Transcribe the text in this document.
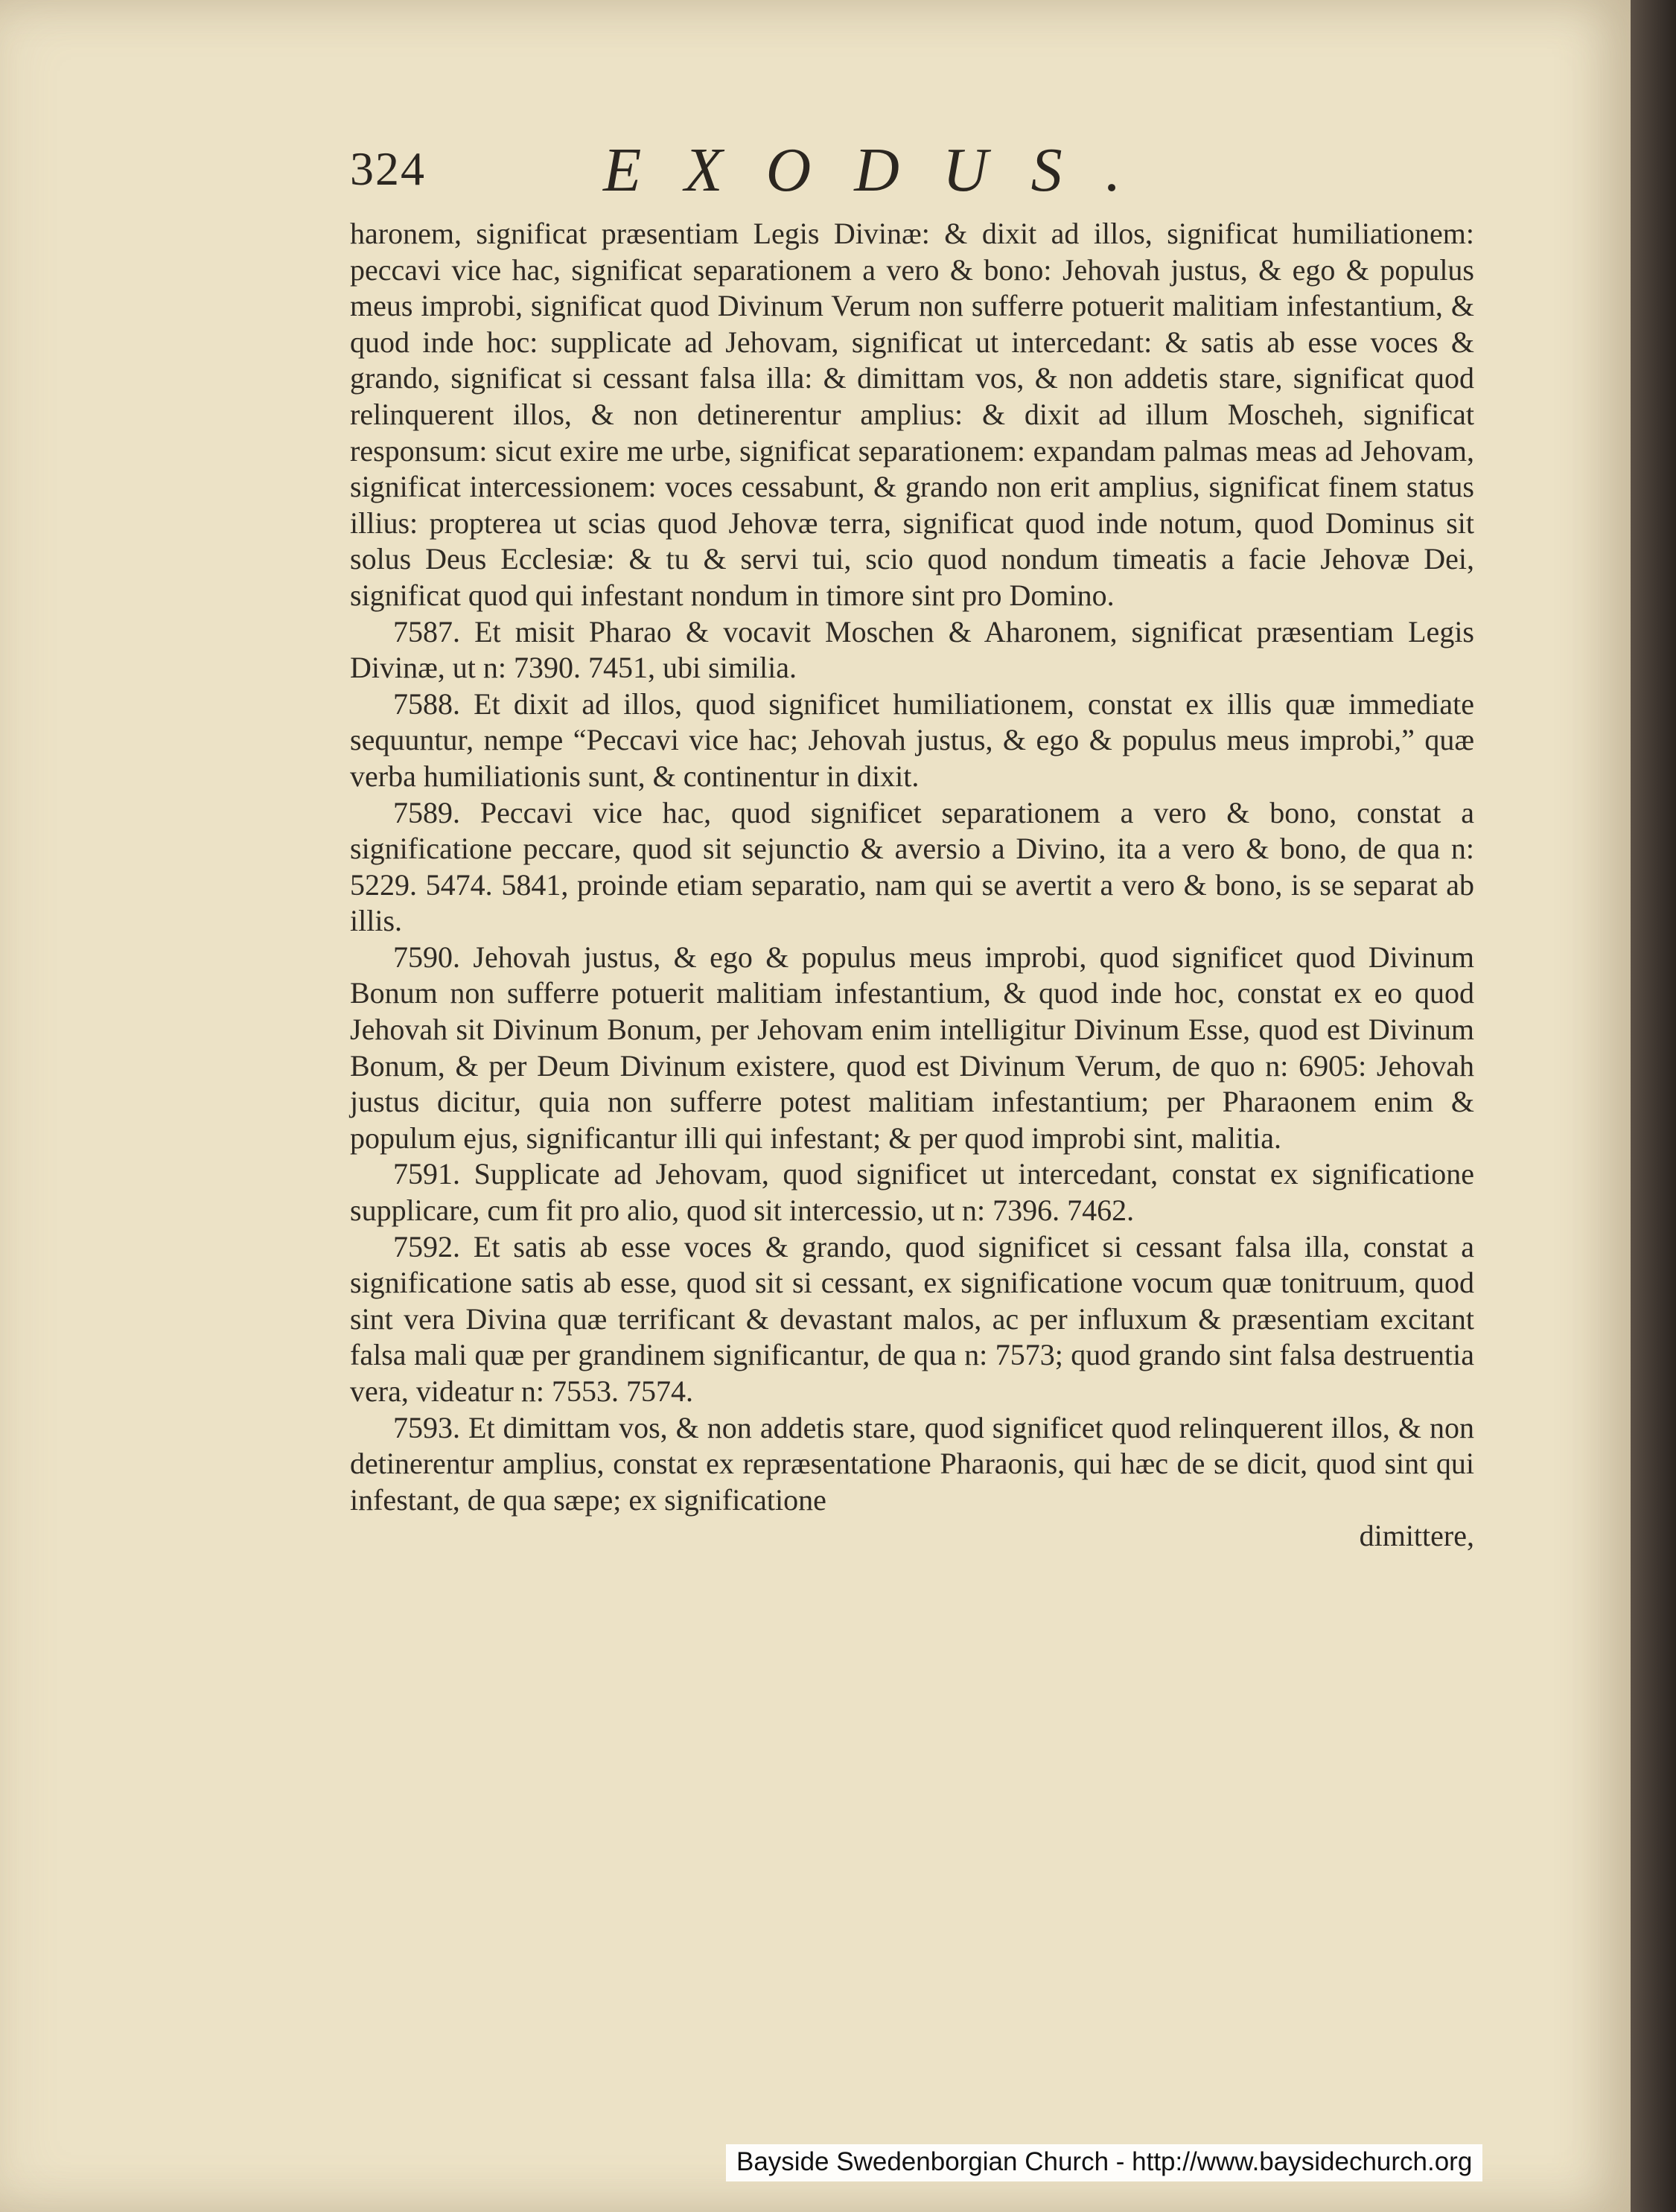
324	EXODUS.

haronem, significat præsentiam Legis Divinæ: & dixit ad illos, significat humiliationem: peccavi vice hac, significat separationem a vero & bono: Jehovah justus, & ego & populus meus improbi, significat quod Divinum Verum non sufferre potuerit malitiam infestantium, & quod inde hoc: supplicate ad Jehovam, significat ut intercedant: & satis ab esse voces & grando, significat si cessant falsa illa: & dimittam vos, & non addetis stare, significat quod relinquerent illos, & non detinerentur amplius: & dixit ad illum Moscheh, significat responsum: sicut exire me urbe, significat separationem: expandam palmas meas ad Jehovam, significat intercessionem: voces cessabunt, & grando non erit amplius, significat finem status illius: propterea ut scias quod Jehovæ terra, significat quod inde notum, quod Dominus sit solus Deus Ecclesiæ: & tu & servi tui, scio quod nondum timeatis a facie Jehovæ Dei, significat quod qui infestant nondum in timore sint pro Domino.

7587. Et misit Pharao & vocavit Moschen & Aharonem, significat præsentiam Legis Divinæ, ut n: 7390. 7451, ubi similia.

7588. Et dixit ad illos, quod significet humiliationem, constat ex illis quæ immediate sequuntur, nempe “Peccavi vice hac; Jehovah justus, & ego & populus meus improbi,” quæ verba humiliationis sunt, & continentur in dixit.

7589. Peccavi vice hac, quod significet separationem a vero & bono, constat a significatione peccare, quod sit sejunctio & aversio a Divino, ita a vero & bono, de qua n: 5229. 5474. 5841, proinde etiam separatio, nam qui se avertit a vero & bono, is se separat ab illis.

7590. Jehovah justus, & ego & populus meus improbi, quod significet quod Divinum Bonum non sufferre potuerit malitiam infestantium, & quod inde hoc, constat ex eo quod Jehovah sit Divinum Bonum, per Jehovam enim intelligitur Divinum Esse, quod est Divinum Bonum, & per Deum Divinum existere, quod est Divinum Verum, de quo n: 6905: Jehovah justus dicitur, quia non sufferre potest malitiam infestantium; per Pharaonem enim & populum ejus, significantur illi qui infestant; & per quod improbi sint, malitia.

7591. Supplicate ad Jehovam, quod significet ut intercedant, constat ex significatione supplicare, cum fit pro alio, quod sit intercessio, ut n: 7396. 7462.

7592. Et satis ab esse voces & grando, quod significet si cessant falsa illa, constat a significatione satis ab esse, quod sit si cessant, ex significatione vocum quæ tonitruum, quod sint vera Divina quæ terrificant & devastant malos, ac per influxum & præsentiam excitant falsa mali quæ per grandinem significantur, de qua n: 7573; quod grando sint falsa destruentia vera, videatur n: 7553. 7574.

7593. Et dimittam vos, & non addetis stare, quod significet quod relinquerent illos, & non detinerentur amplius, constat ex repræsentatione Pharaonis, qui hæc de se dicit, quod sint qui infestant, de qua sæpe; ex significatione

dimittere,

Bayside Swedenborgian Church - http://www.baysidechurch.org
